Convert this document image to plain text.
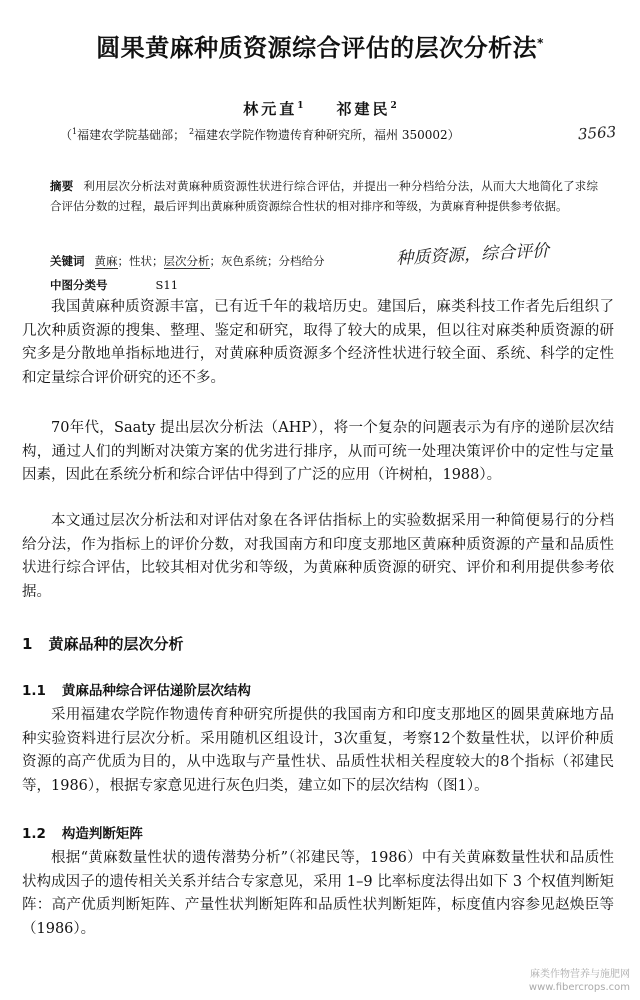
圆果黄麻种质资源综合评估的层次分析法*
林元直$^1$ 祁建民$^2$
（$^1$福建农学院基础部； $^2$福建农学院作物遗传育种研究所，福州 350002）	3563
摘要 利用层次分析法对黄麻种质资源性状进行综合评估，并提出一种分档给分法，从而大大地简化了求综合评估分数的过程，最后评判出黄麻种质资源综合性状的相对排序和等级，为黄麻育种提供参考依据。
关键词 黄麻；性状；层次分析；灰色系统；分档给分	种质资源，综合评价
中图分类号	S11

我国黄麻种质资源丰富，已有近千年的栽培历史。建国后，麻类科技工作者先后组织了几次种质资源的搜集、整理、鉴定和研究，取得了较大的成果，但以往对麻类种质资源的研究多是分散地单指标地进行，对黄麻种质资源多个经济性状进行较全面、系统、科学的定性和定量综合评价研究的还不多。

70年代，Saaty 提出层次分析法（AHP），将一个复杂的问题表示为有序的递阶层次结构，通过人们的判断对决策方案的优劣进行排序，从而可统一处理决策评价中的定性与定量因素，因此在系统分析和综合评估中得到了广泛的应用（许树柏，1988）。

本文通过层次分析法和对评估对象在各评估指标上的实验数据采用一种简便易行的分档给分法，作为指标上的评价分数，对我国南方和印度支那地区黄麻种质资源的产量和品质性状进行综合评估，比较其相对优劣和等级，为黄麻种质资源的研究、评价和利用提供参考依据。

1 黄麻品种的层次分析
1.1 黄麻品种综合评估递阶层次结构

采用福建农学院作物遗传育种研究所提供的我国南方和印度支那地区的圆果黄麻地方品种实验资料进行层次分析。采用随机区组设计，3次重复，考察12个数量性状，以评价种质资源的高产优质为目的，从中选取与产量性状、品质性状相关程度较大的8个指标（祁建民等，1986），根据专家意见进行灰色归类，建立如下的层次结构（图1）。

1.2 构造判断矩阵

根据“黄麻数量性状的遗传潜势分析”（祁建民等，1986）中有关黄麻数量性状和品质性状构成因子的遗传相关关系并结合专家意见，采用 1–9 比率标度法得出如下 3 个权值判断矩阵：高产优质判断矩阵、产量性状判断矩阵和品质性状判断矩阵，标度值内容参见赵焕臣等（1986）。

麻类作物营养与施肥网
www.fibercrops.com
